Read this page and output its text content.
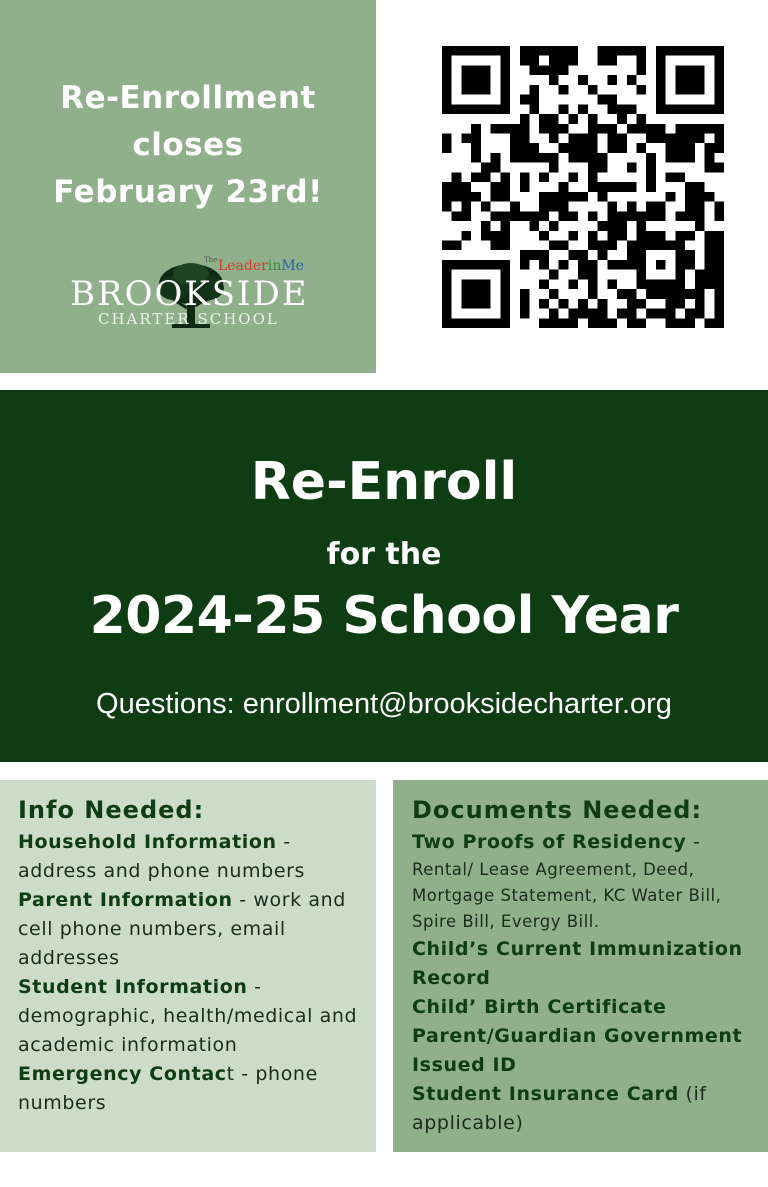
Re-Enrollment
closes
February 23rd!
The LeaderinMe
BROOKSIDE
CHARTER SCHOOL
Re-Enroll
for the
2024-25 School Year
Questions: enrollment@brooksidecharter.org
Info Needed:
Household Information - address and phone numbers
Parent Information - work and cell phone numbers, email addresses
Student Information - demographic, health/medical and academic information
Emergency Contact - phone numbers
Documents Needed:
Two Proofs of Residency -
Rental/ Lease Agreement, Deed, Mortgage Statement, KC Water Bill, Spire Bill, Evergy Bill.
Child’s Current Immunization Record
Child’ Birth Certificate
Parent/Guardian Government Issued ID
Student Insurance Card (if applicable)
